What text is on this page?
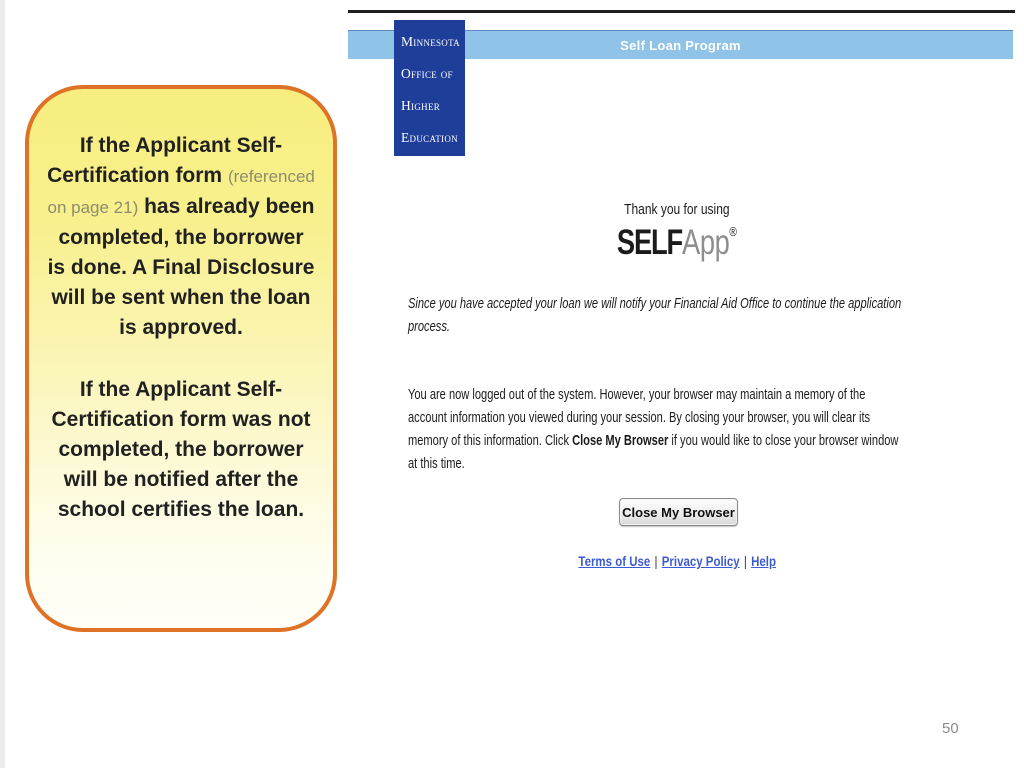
If the Applicant Self-Certification form (referenced on page 21) has already been completed, the borrower is done. A Final Disclosure will be sent when the loan is approved.

If the Applicant Self-Certification form was not completed, the borrower will be notified after the school certifies the loan.

Self Loan Program
Minnesota
Office of
Higher
Education
Thank you for using
SELFApp®

Since you have accepted your loan we will notify your Financial Aid Office to continue the application process.

You are now logged out of the system. However, your browser may maintain a memory of the account information you viewed during your session. By closing your browser, you will clear its memory of this information. Click Close My Browser if you would like to close your browser window at this time.

Close My Browser
Terms of Use | Privacy Policy | Help
50
